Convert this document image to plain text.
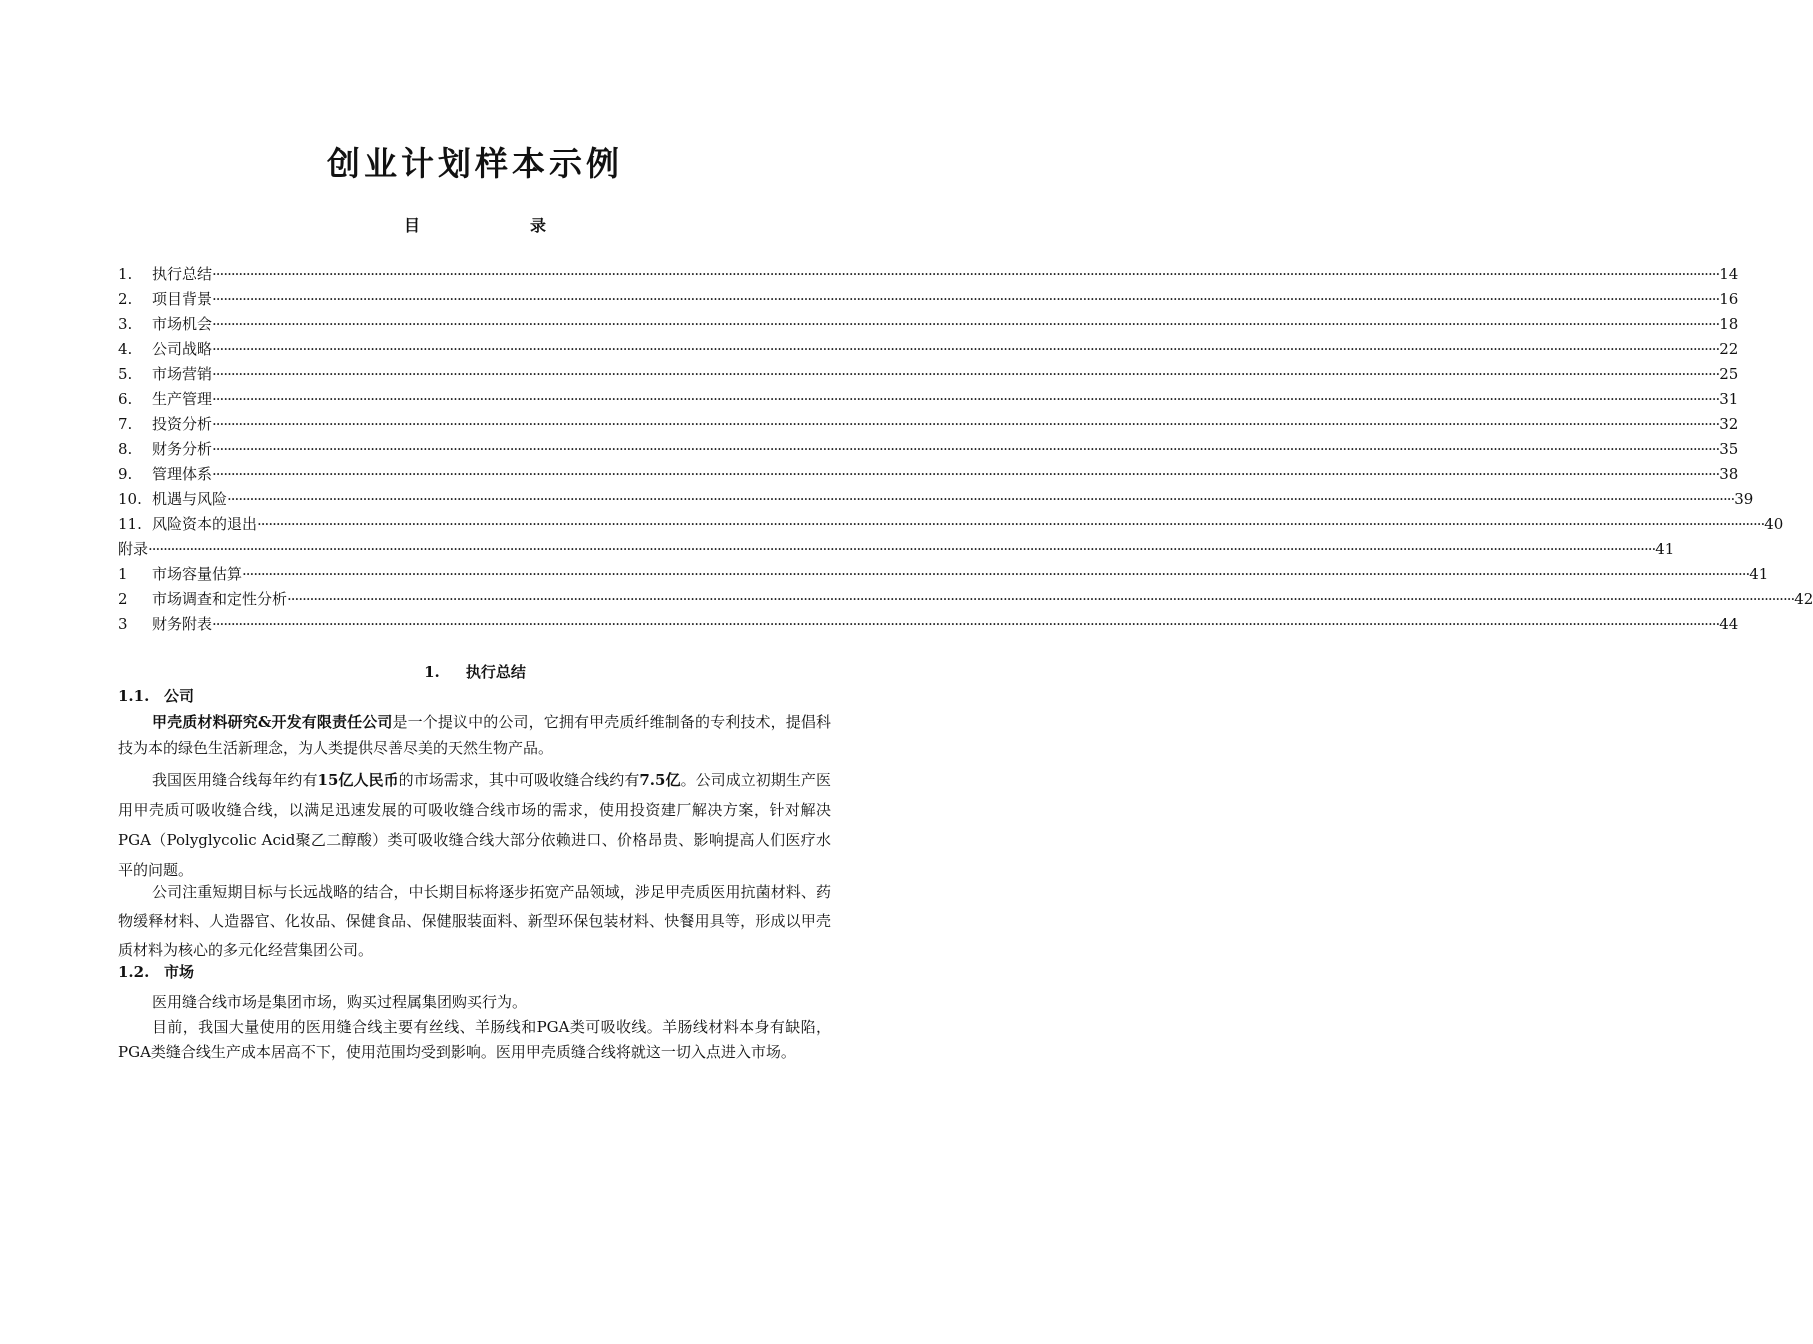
创业计划样本示例
目	录
1.	执行总结 ················································································································································································································································································································································································································ 14
2.	项目背景 ················································································································································································································································································································································································································ 16
3.	市场机会 ················································································································································································································································································································································································································ 18
4.	公司战略 ················································································································································································································································································································································································································ 22
5.	市场营销 ················································································································································································································································································································································································································ 25
6.	生产管理 ················································································································································································································································································································································································································ 31
7.	投资分析 ················································································································································································································································································································································································································ 32
8.	财务分析 ················································································································································································································································································································································································································ 35
9.	管理体系 ················································································································································································································································································································································································································ 38
10. 机遇与风险 ················································································································································································································································································································································································································ 39
11. 风险资本的退出 ················································································································································································································································································································································································································ 40
附录 ················································································································································································································································································································································································································ 41
1	市场容量估算 ················································································································································································································································································································································································································ 41
2	市场调查和定性分析 ················································································································································································································································································································································································································ 42
3	财务附表 ················································································································································································································································································································································································································ 44
1. 执行总结
1.1. 公司
甲壳质材料研究&开发有限责任公司是一个提议中的公司，它拥有甲壳质纤维制备的专利技术，提倡科技为本的绿色生活新理念，为人类提供尽善尽美的天然生物产品。
我国医用缝合线每年约有15亿人民币的市场需求，其中可吸收缝合线约有7.5亿。公司成立初期生产医用甲壳质可吸收缝合线，以满足迅速发展的可吸收缝合线市场的需求，使用投资建厂解决方案，针对解决PGA（Polyglycolic Acid聚乙二醇酸）类可吸收缝合线大部分依赖进口、价格昂贵、影响提高人们医疗水平的问题。
公司注重短期目标与长远战略的结合，中长期目标将逐步拓宽产品领域，涉足甲壳质医用抗菌材料、药物缓释材料、人造器官、化妆品、保健食品、保健服装面料、新型环保包装材料、快餐用具等，形成以甲壳质材料为核心的多元化经营集团公司。
1.2. 市场
医用缝合线市场是集团市场，购买过程属集团购买行为。
目前，我国大量使用的医用缝合线主要有丝线、羊肠线和PGA类可吸收线。羊肠线材料本身有缺陷，PGA类缝合线生产成本居高不下，使用范围均受到影响。医用甲壳质缝合线将就这一切入点进入市场。
